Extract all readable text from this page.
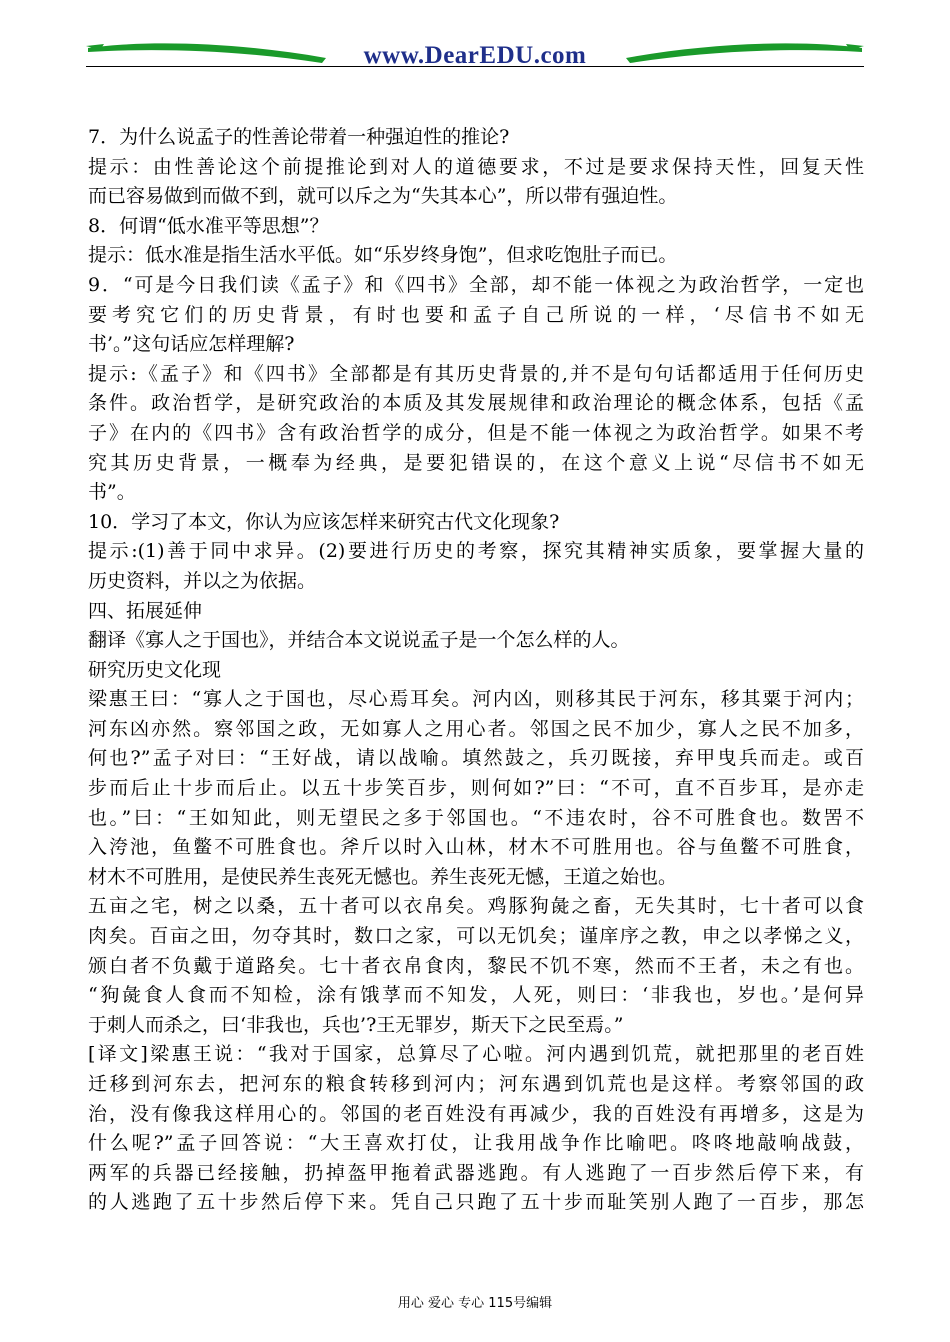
www.DearEDU.com
7．为什么说孟子的性善论带着一种强迫性的推论?
提示：由性善论这个前提推论到对人的道德要求，不过是要求保持天性，回复天性
而已容易做到而做不到，就可以斥之为“失其本心”，所以带有强迫性。
8．何谓“低水准平等思想”？
提示：低水准是指生活水平低。如“乐岁终身饱”，但求吃饱肚子而已。
9．“可是今日我们读《孟子》和《四书》全部，却不能一体视之为政治哲学，一定也
要考究它们的历史背景，有时也要和孟子自己所说的一样，‘尽信书不如无
书’。”这句话应怎样理解?
提示:《孟子》和《四书》全部都是有其历史背景的,并不是句句话都适用于任何历史
条件。政治哲学，是研究政治的本质及其发展规律和政治理论的概念体系，包括《孟
子》在内的《四书》含有政治哲学的成分，但是不能一体视之为政治哲学。如果不考
究其历史背景，一概奉为经典，是要犯错误的，在这个意义上说“尽信书不如无
书”。
10．学习了本文，你认为应该怎样来研究古代文化现象?
提示:(1)善于同中求异。(2)要进行历史的考察，探究其精神实质象，要掌握大量的
历史资料，并以之为依据。
四、拓展延伸
翻译《寡人之于国也》，并结合本文说说孟子是一个怎么样的人。
研究历史文化现
梁惠王曰：“寡人之于国也，尽心焉耳矣。河内凶，则移其民于河东，移其粟于河内；
河东凶亦然。察邻国之政，无如寡人之用心者。邻国之民不加少，寡人之民不加多，
何也?”孟子对曰：“王好战，请以战喻。填然鼓之，兵刃既接，弃甲曳兵而走。或百
步而后止十步而后止。以五十步笑百步，则何如?”曰：“不可，直不百步耳，是亦走
也。”曰：“王如知此，则无望民之多于邻国也。“不违农时，谷不可胜食也。数罟不
入洿池，鱼鳖不可胜食也。斧斤以时入山林，材木不可胜用也。谷与鱼鳖不可胜食，
材木不可胜用，是使民养生丧死无憾也。养生丧死无憾，王道之始也。
五亩之宅，树之以桑，五十者可以衣帛矣。鸡豚狗彘之畜，无失其时，七十者可以食
肉矣。百亩之田，勿夺其时，数口之家，可以无饥矣；谨庠序之教，申之以孝悌之义，
颁白者不负戴于道路矣。七十者衣帛食肉，黎民不饥不寒，然而不王者，未之有也。
“狗彘食人食而不知检，涂有饿莩而不知发，人死，则曰：‘非我也，岁也。’是何异
于刺人而杀之，曰‘非我也，兵也’?王无罪岁，斯天下之民至焉。”
[译文]梁惠王说：“我对于国家，总算尽了心啦。河内遇到饥荒，就把那里的老百姓
迁移到河东去，把河东的粮食转移到河内；河东遇到饥荒也是这样。考察邻国的政
治，没有像我这样用心的。邻国的老百姓没有再减少，我的百姓没有再增多，这是为
什么呢?”孟子回答说：“大王喜欢打仗，让我用战争作比喻吧。咚咚地敲响战鼓，
两军的兵器已经接触，扔掉盔甲拖着武器逃跑。有人逃跑了一百步然后停下来，有
的人逃跑了五十步然后停下来。凭自己只跑了五十步而耻笑别人跑了一百步，那怎
用心 爱心 专心 115号编辑
